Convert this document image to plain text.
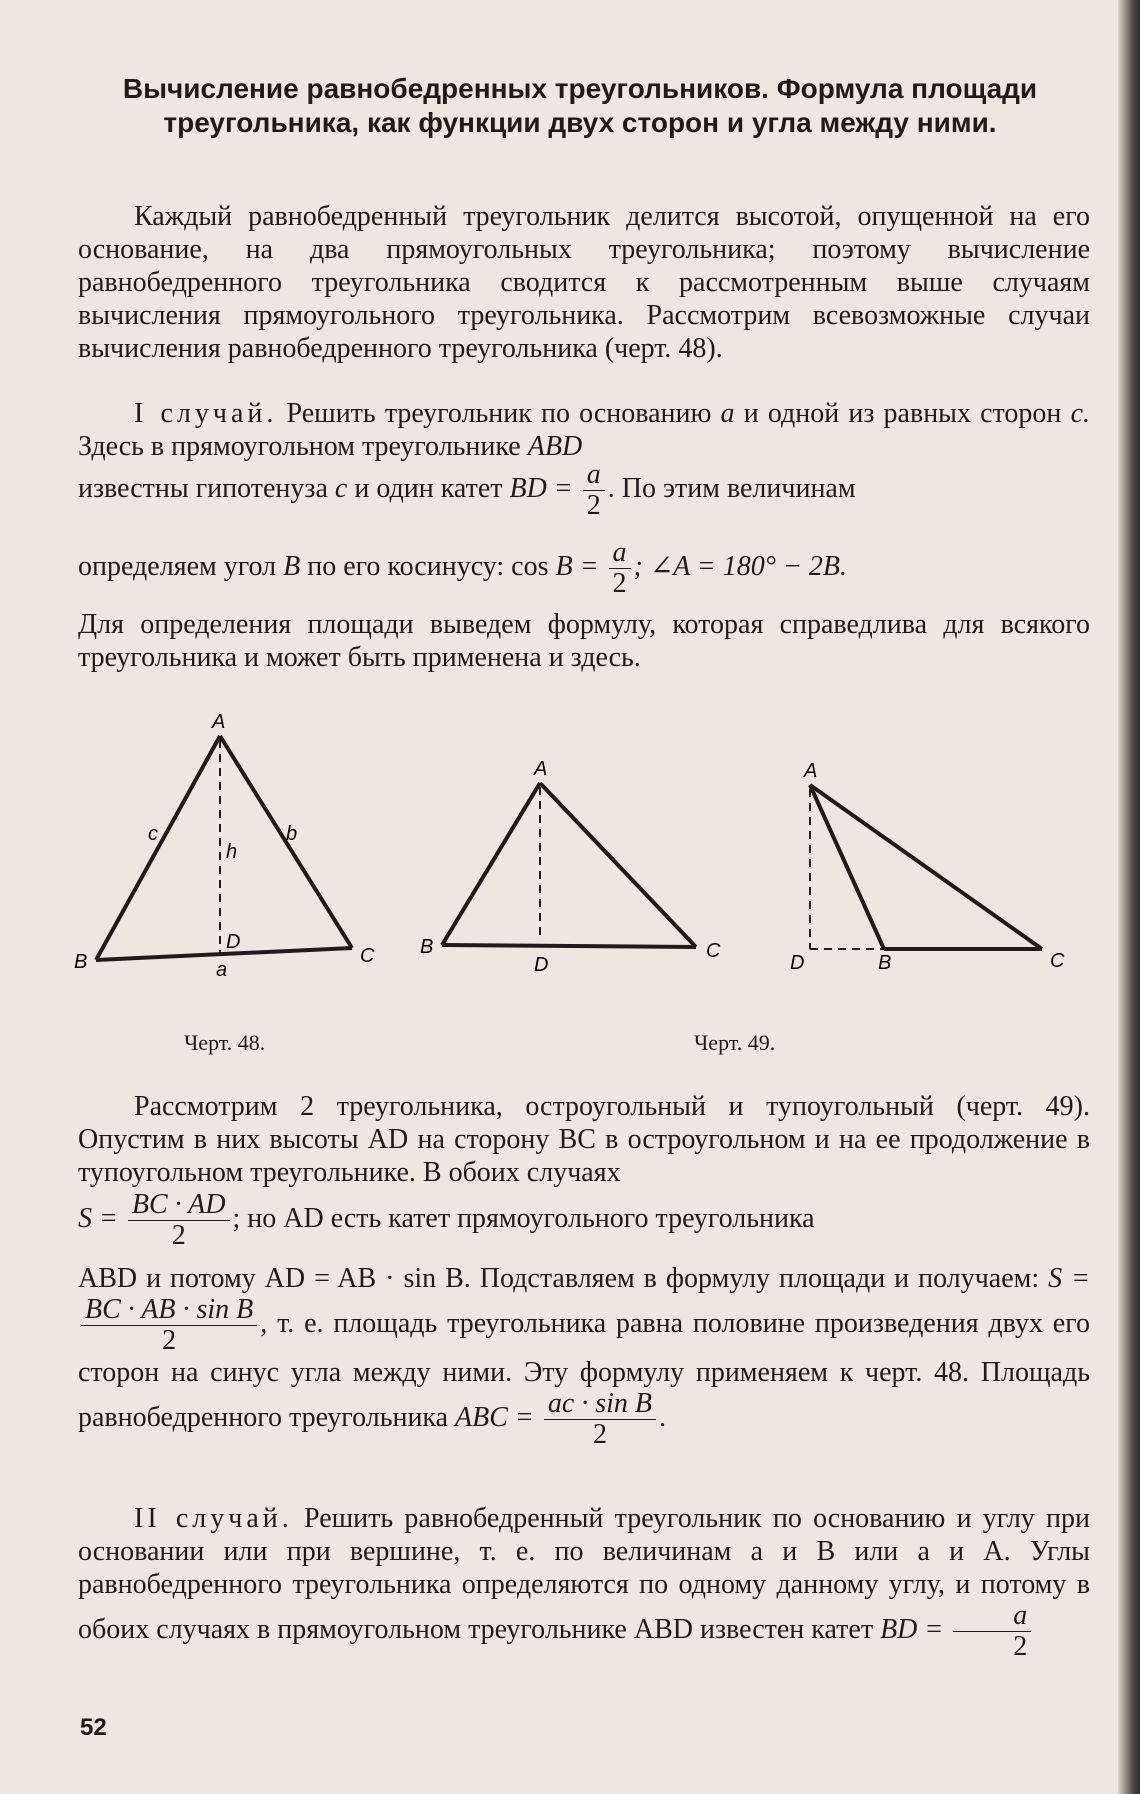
Вычисление равнобедренных треугольников. Формула площади треугольника, как функции двух сторон и угла между ними.
Каждый равнобедренный треугольник делится высотой, опущенной на его основание, на два прямоугольных треугольника; поэтому вычисление равнобедренного треугольника сводится к рассмотренным выше случаям вычисления прямоугольного треугольника. Рассмотрим всевозможные случаи вычисления равнобедренного треугольника (черт. 48).
I случай. Решить треугольник по основанию a и одной из равных сторон c. Здесь в прямоугольном треугольнике ABD
известны гипотенуза c и один катет BD = $\frac{a}{2}$ . По этим величинам
определяем угол B по его косинусу: $\cos B = \frac{a}{2}$ ; ∠A = 180° − 2B.
Для определения площади выведем формулу, которая справедлива для всякого треугольника и может быть применена и здесь.
A
B	C
D
a
b
c
h
A
B	C
D
A
B	C
D
Черт. 48.	Черт. 49.
Рассмотрим 2 треугольника, остроугольный и тупоугольный (черт. 49). Опустим в них высоты AD на сторону BC в остроугольном и на ее продолжение в тупоугольном треугольнике. В обоих случаях
$S = \frac{BC \cdot AD}{2}$ ; но AD есть катет прямоугольного треугольника
ABD и потому AD = AB · sin B. Подставляем в формулу площади и получаем: S =
$\frac{\text{BC · AB · sin B}}{2}$ , т. е. площадь треугольника равна половине произведения двух его сторон на синус угла между ними. Эту формулу применяем к черт. 48. Площадь равнобедренного треугольника ABC = $\frac{\text{ac · sin B}}{2}$ .
II случай. Решить равнобедренный треугольник по основанию и углу при основании или при вершине, т. е. по величинам a и B или a и A. Углы равнобедренного треугольника определяются по одному данному углу, и потому в обоих случаях в прямоугольном треугольнике ABD известен катет BD = $\frac{a}{2}$
52
